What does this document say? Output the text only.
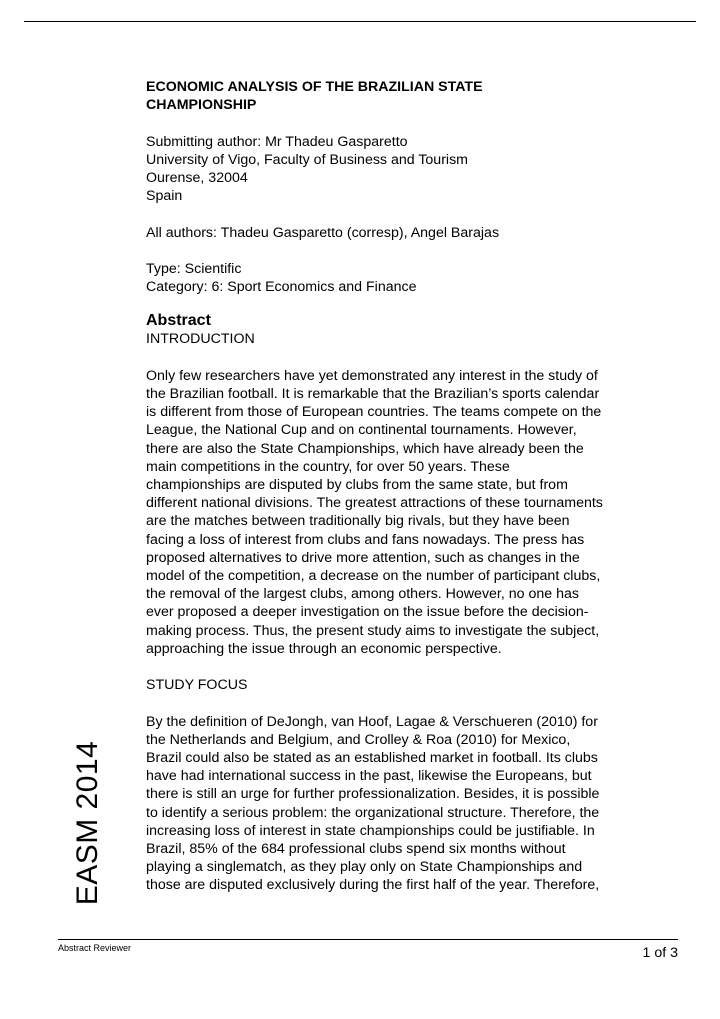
ECONOMIC ANALYSIS OF THE BRAZILIAN STATE
CHAMPIONSHIP
Submitting author: Mr Thadeu Gasparetto
University of Vigo, Faculty of Business and Tourism
Ourense, 32004
Spain
All authors: Thadeu Gasparetto (corresp), Angel Barajas
Type: Scientific
Category: 6: Sport Economics and Finance
Abstract
INTRODUCTION
Only few researchers have yet demonstrated any interest in the study of
the Brazilian football. It is remarkable that the Brazilian’s sports calendar
is different from those of European countries. The teams compete on the
League, the National Cup and on continental tournaments. However,
there are also the State Championships, which have already been the
main competitions in the country, for over 50 years. These
championships are disputed by clubs from the same state, but from
different national divisions. The greatest attractions of these tournaments
are the matches between traditionally big rivals, but they have been
facing a loss of interest from clubs and fans nowadays. The press has
proposed alternatives to drive more attention, such as changes in the
model of the competition, a decrease on the number of participant clubs,
the removal of the largest clubs, among others. However, no one has
ever proposed a deeper investigation on the issue before the decision-
making process. Thus, the present study aims to investigate the subject,
approaching the issue through an economic perspective.
STUDY FOCUS
By the definition of DeJongh, van Hoof, Lagae & Verschueren (2010) for
the Netherlands and Belgium, and Crolley & Roa (2010) for Mexico,
Brazil could also be stated as an established market in football. Its clubs
have had international success in the past, likewise the Europeans, but
there is still an urge for further professionalization. Besides, it is possible
to identify a serious problem: the organizational structure. Therefore, the
increasing loss of interest in state championships could be justifiable. In
Brazil, 85% of the 684 professional clubs spend six months without
playing a singlematch, as they play only on State Championships and
those are disputed exclusively during the first half of the year. Therefore,
EASM 2014
Abstract Reviewer	1 of 3
